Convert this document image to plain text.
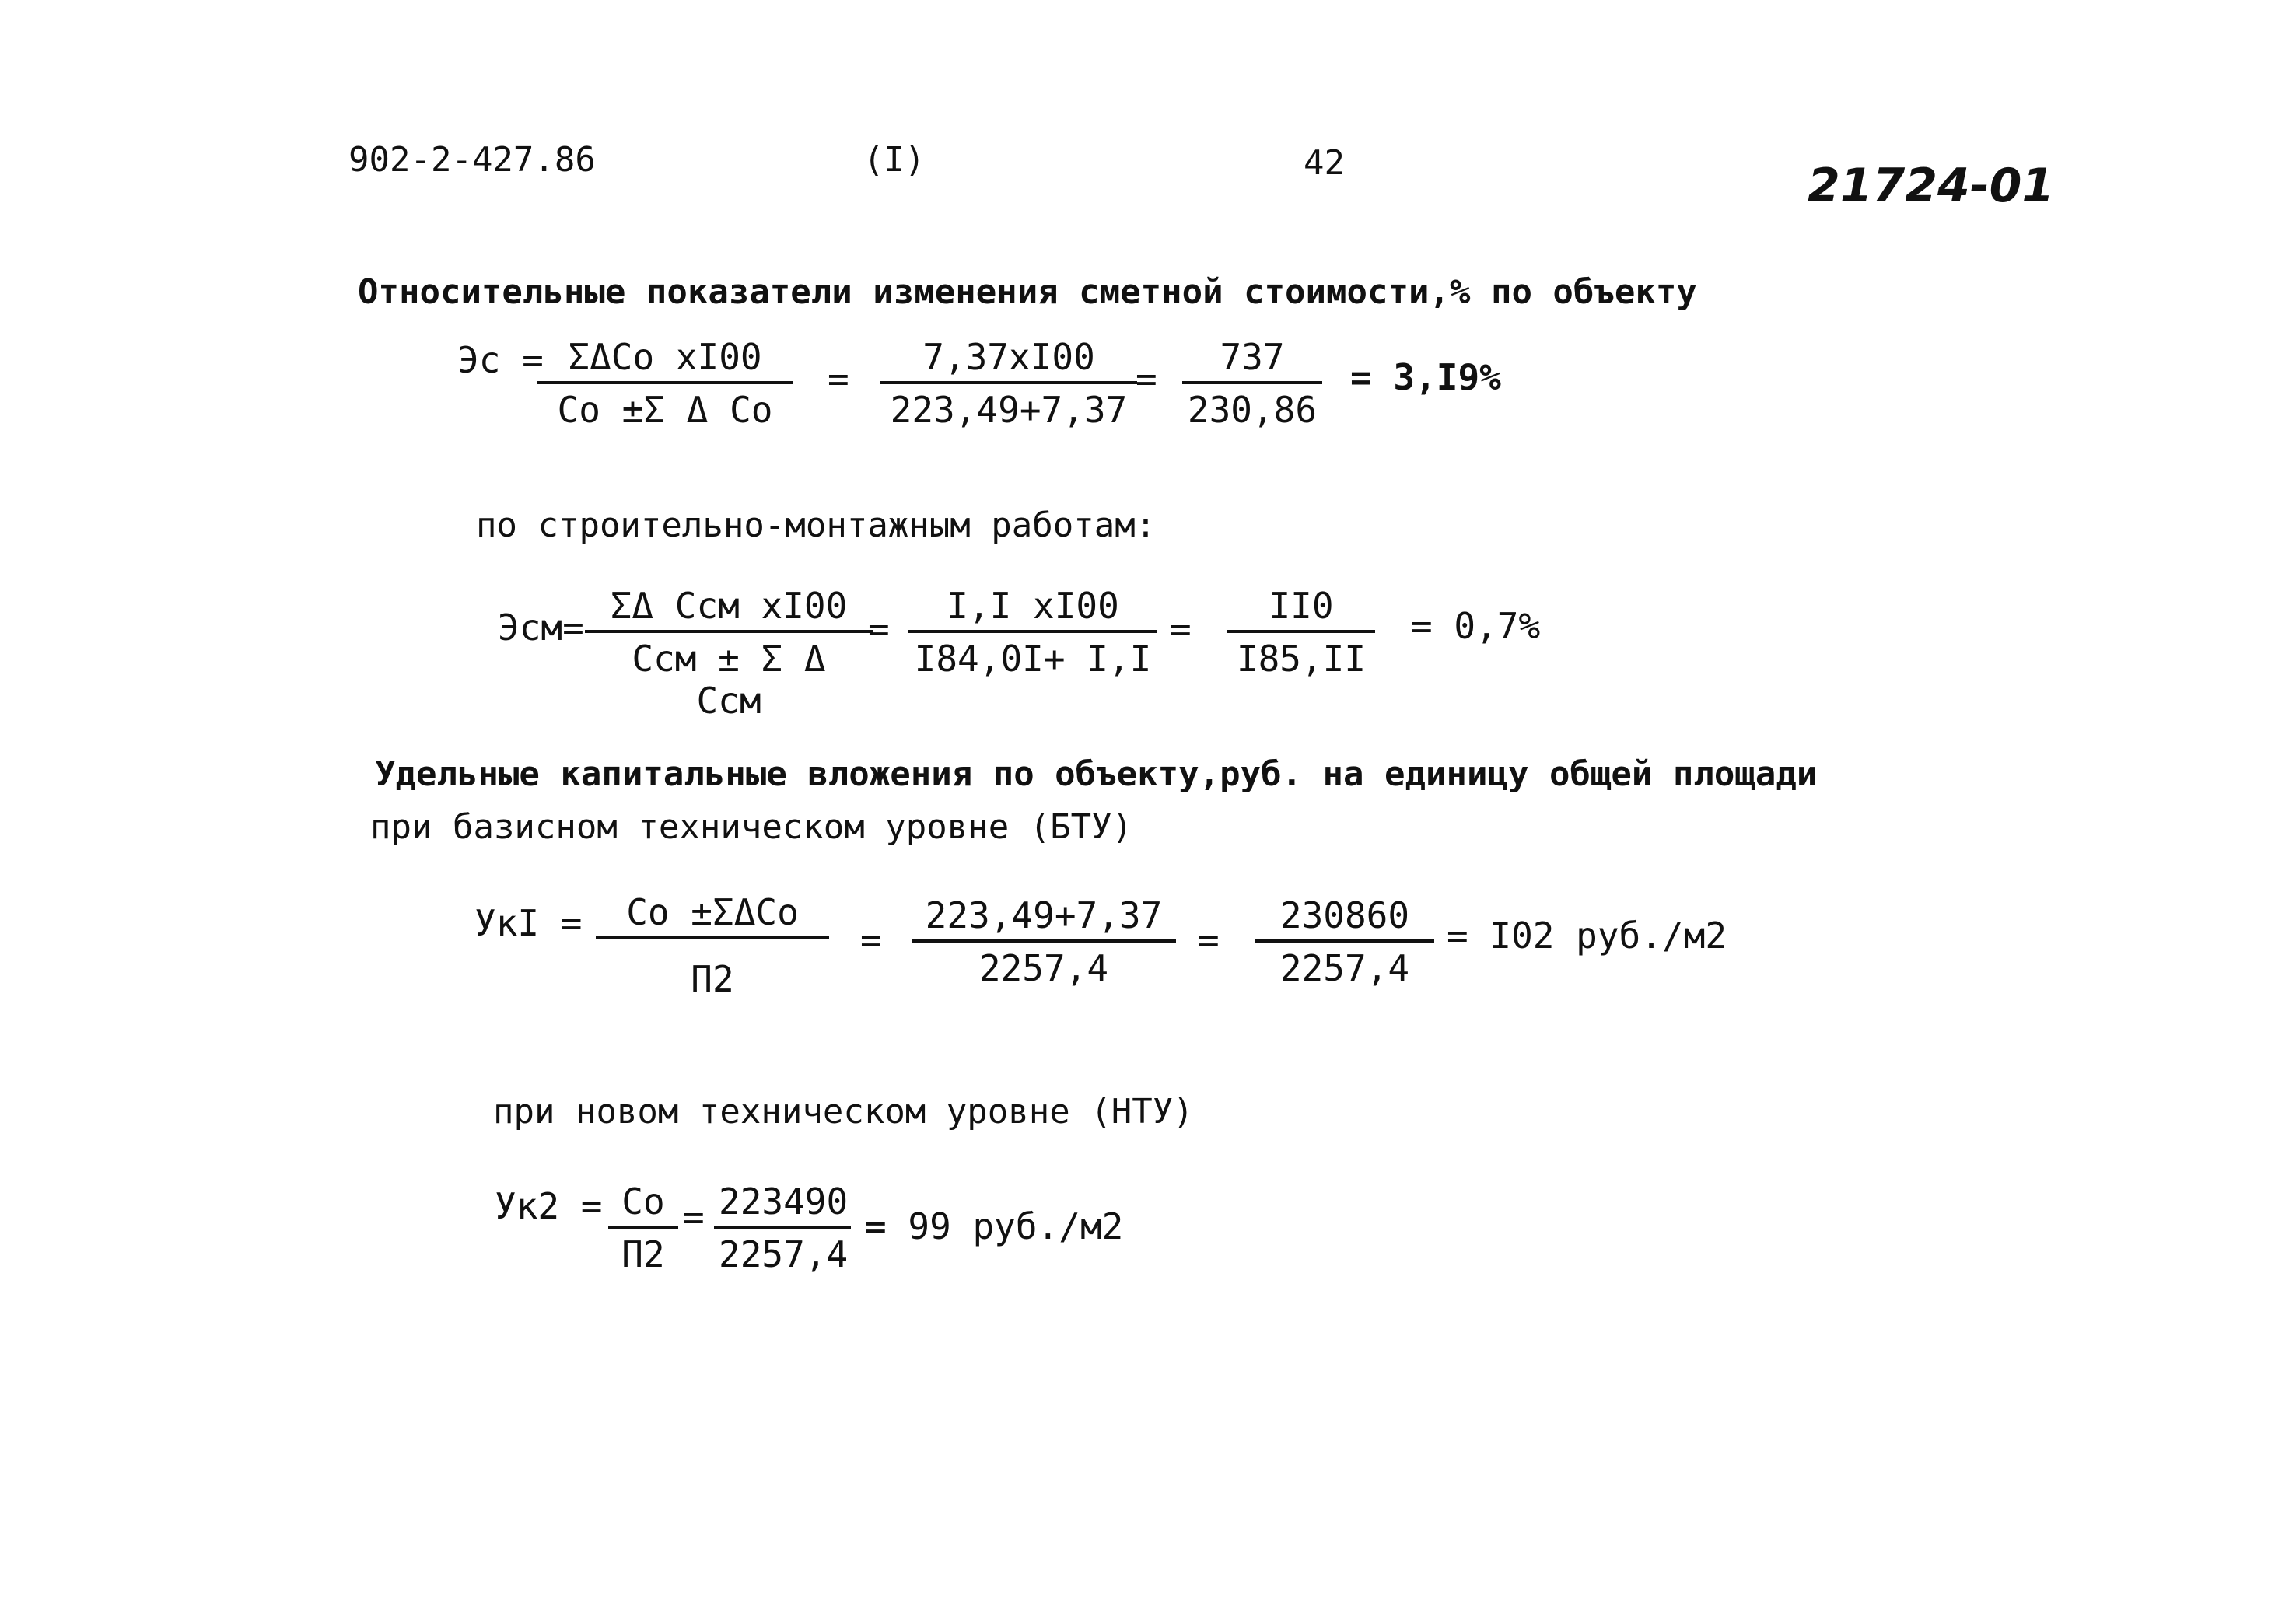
902-2-427.86	(I)	42	21724-01
Относительные показатели изменения сметной стоимости,% по объекту
Эс = ΣΔCo xI00
Co ±Σ Δ Co
= $\frac{7,37xI00}{223,49+7,37}$
= $\frac{737}{230,86} = 3,I9\%$
по строительно-монтажным работам:
Эсм=
ΣΔ Ccм xI00
Ccм ± Σ Δ Ccм
= $\frac{\text{I,I xI00}}{I84,0I+ I,I} = \frac{II0}{I85,II} = 0,7\%$
Удельные капитальные вложения по объекту,руб. на единицу общей площади
при базисном техническом уровне (БТУ)
УкI =	Co ±ΣΔCo
П2
= $\frac{223,49+7,37}{2257,4} = \frac{230860}{2257,4} = I02$ руб./м2
при новом техническом уровне (НТУ)
Ук2 = Co
П2
= $\frac{223490}{2257,4} = 99$ руб./м2
